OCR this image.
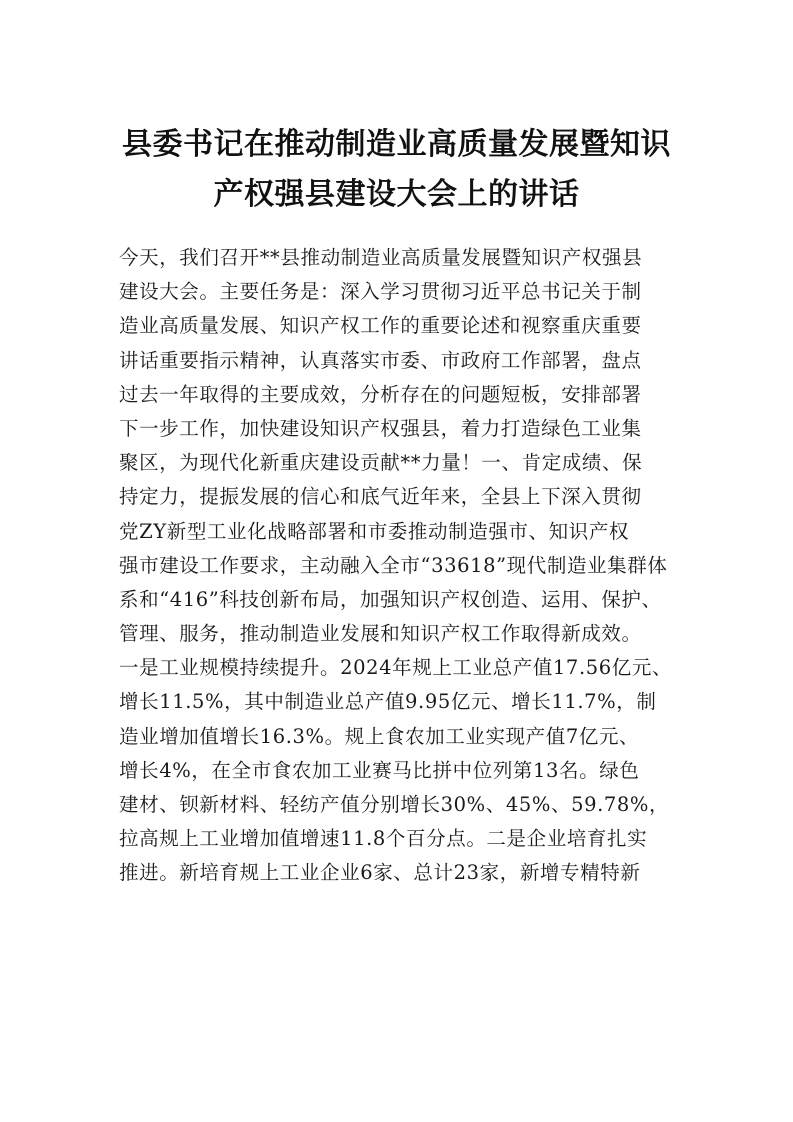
县委书记在推动制造业高质量发展暨知识
产权强县建设大会上的讲话
今天，我们召开**县推动制造业高质量发展暨知识产权强县
建设大会。主要任务是：深入学习贯彻习近平总书记关于制
造业高质量发展、知识产权工作的重要论述和视察重庆重要
讲话重要指示精神，认真落实市委、市政府工作部署，盘点
过去一年取得的主要成效，分析存在的问题短板，安排部署
下一步工作，加快建设知识产权强县，着力打造绿色工业集
聚区，为现代化新重庆建设贡献**力量！一、肯定成绩、保
持定力，提振发展的信心和底气近年来，全县上下深入贯彻
党ZY新型工业化战略部署和市委推动制造强市、知识产权
强市建设工作要求，主动融入全市“33618”现代制造业集群体
系和“416”科技创新布局，加强知识产权创造、运用、保护、
管理、服务，推动制造业发展和知识产权工作取得新成效。
一是工业规模持续提升。2024年规上工业总产值17.56亿元、
增长11.5%，其中制造业总产值9.95亿元、增长11.7%，制
造业增加值增长16.3%。规上食农加工业实现产值7亿元、
增长4%，在全市食农加工业赛马比拼中位列第13名。绿色
建材、钡新材料、轻纺产值分别增长30%、45%、59.78%，
拉高规上工业增加值增速11.8个百分点。二是企业培育扎实
推进。新培育规上工业企业6家、总计23家，新增专精特新
